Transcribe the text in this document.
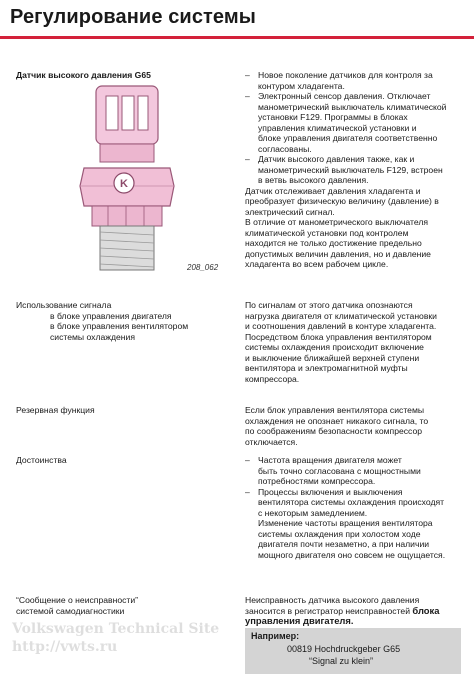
Регулирование системы
Датчик высокого давления G65
K
208_062
– Новое поколение датчиков для контроля за
контуром хладагента.
– Электронный сенсор давления. Отключает
манометрический выключатель климатической
установки F129. Программы в блоках
управления климатической установки и
блоке управления двигателя соответственно
согласованы.
– Датчик высокого давления также, как и
манометрический выключатель F129, встроен
в ветвь высокого давления.
Датчик отслеживает давления хладагента и
преобразует физическую величину (давление) в
электрический сигнал.
В отличие от манометрического выключателя
климатической установки под контролем
находится не только достижение предельно
допустимых величин давления, но и давление
хладагента во всем рабочем цикле.
Использование сигнала
в блоке управления двигателя
в блоке управления вентилятором
системы охлаждения
По сигналам от этого датчика опознаются
нагрузка двигателя от климатической установки
и соотношения давлений в контуре хладагента.
Посредством блока управления вентилятором
системы охлаждения происходит включение
и выключение ближайшей верхней ступени
вентилятора и электромагнитной муфты
компрессора.
Резервная функция	Если блок управления вентилятора системы
охлаждения не опознает никакого сигнала, то
по соображениям безопасности компрессор
отключается.
Достоинства
–	Частота вращения двигателя может
быть точно согласована с мощностными
потребностями компрессора.
– Процессы включения и выключения
вентилятора системы охлаждения происходят
с некоторым замедлением.
Изменение частоты вращения вентилятора
системы охлаждения при холостом ходе
двигателя почти незаметно, а при наличии
мощного двигателя оно совсем не ощущается.
“Сообщение о неисправности”
системой самодиагностики
Неисправность датчика высокого давления
заносится в регистратор неисправностей блока
управления двигателя.
Например:
00819 Hochdruckgeber G65
“Signal zu klein”
Volkswagen Technical Site
http://vwts.ru
